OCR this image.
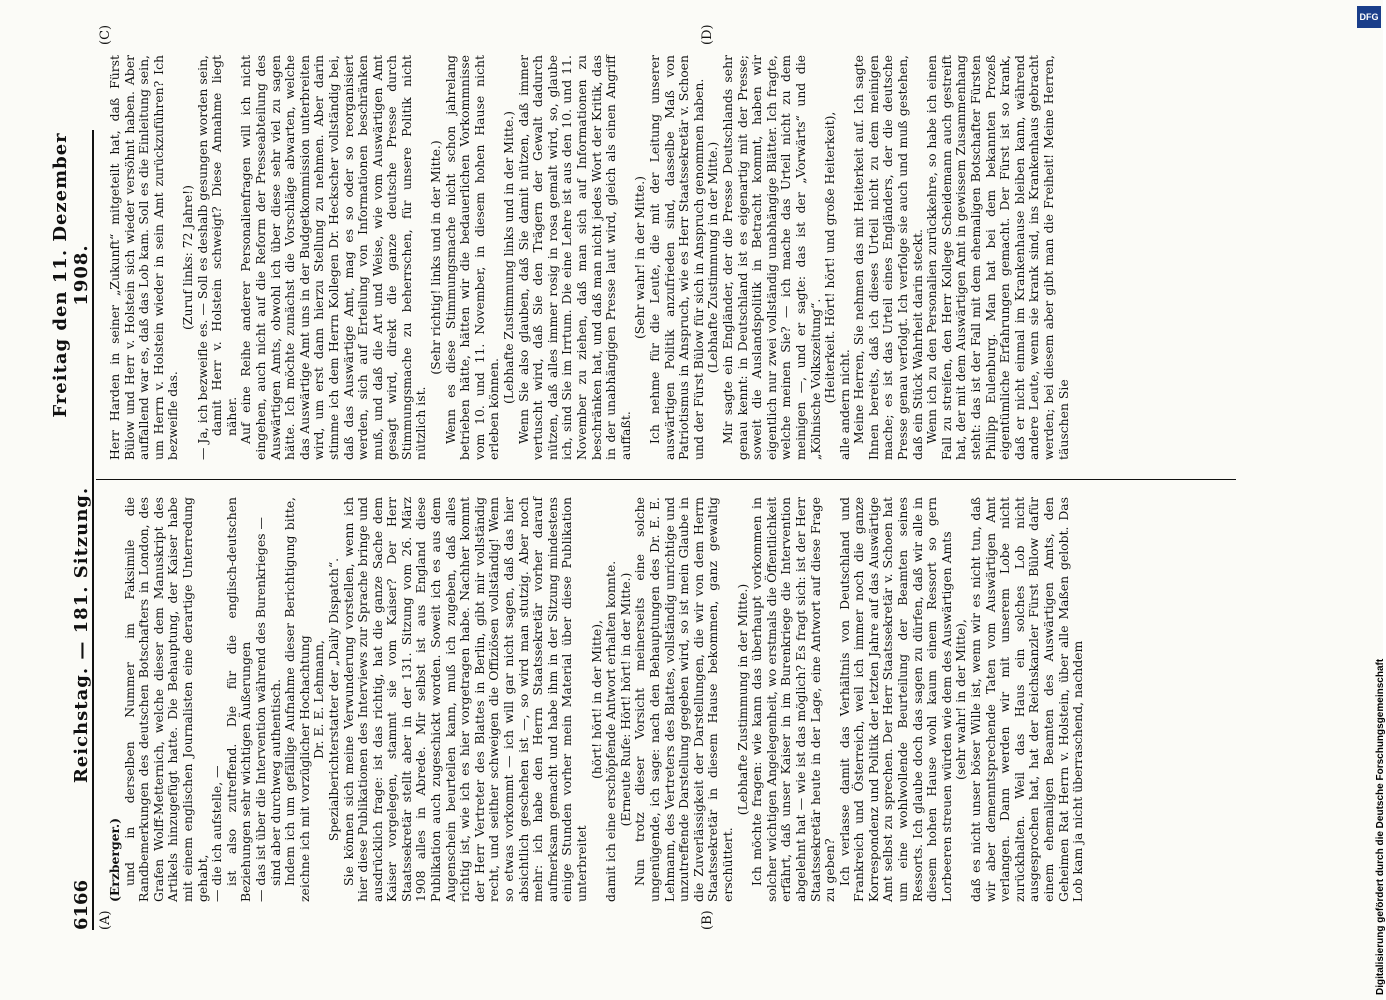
6166
Reichstag. — 181. Sitzung.
Freitag den 11. Dezember 1908.
(A)	(B)
(C)	(D)

(Erzberger.) und in derselben Nummer im Faksimile die Randbemerkungen des deutschen Botschafters in London, des Grafen Wolff-Metternich, welche dieser dem Manuskript des Artikels hinzugefügt hatte. Die Behauptung, der Kaiser habe mit einem englischen Journalisten eine derartige Unterredung gehabt, — die ich aufstelle, — ist also zutreffend. Die für die englisch-deutschen Beziehungen sehr wichtigen Äußerungen — das ist über die Intervention während des Burenkrieges — sind aber durchweg authentisch. Indem ich um gefällige Aufnahme dieser Berichtigung bitte, zeichne ich mit vorzüglicher Hochachtung Dr. E. E. Lehmann, Spezialberichterstatter der „Daily Dispatch“. Sie können sich meine Verwunderung vorstellen, wenn ich hier diese Publikationen des Interviews zur Sprache bringe und ausdrücklich frage: ist das richtig, hat die ganze Sache dem Kaiser vorgelegen, stammt sie vom Kaiser? Der Herr Staatssekretär stellt aber in der 131. Sitzung vom 26. März 1908 alles in Abrede. Mir selbst ist aus England diese Publikation auch zugeschickt worden. Soweit ich es aus dem Augenschein beurteilen kann, muß ich zugeben, daß alles richtig ist, wie ich es hier vorgetragen habe. Nachher kommt der Herr Vertreter des Blattes in Berlin, gibt mir vollständig recht, und seither schweigen die Offiziösen vollständig! Wenn so etwas vorkommt — ich will gar nicht sagen, daß das hier absichtlich geschehen ist —, so wird man stutzig. Aber noch mehr: ich habe den Herrn Staatssekretär vorher darauf aufmerksam gemacht und habe ihm in der Sitzung mindestens einige Stunden vorher mein Material über diese Publikation unterbreitet

(hört! hört! in der Mitte), damit ich eine erschöpfende Antwort erhalten konnte. (Erneute Rufe: Hört! hört! in der Mitte.) Nun trotz dieser Vorsicht meinerseits eine solche ungenügende, ich sage: nach den Behauptungen des Dr. E. E. Lehmann, des Vertreters des Blattes, vollständig unrichtige und unzutreffende Darstellung gegeben wird, so ist mein Glaube in die Zuverlässigkeit der Darstellungen, die wir von dem Herrn Staatssekretär in diesem Hause bekommen, ganz gewaltig erschüttert.

(Lebhafte Zustimmung in der Mitte.) Ich möchte fragen: wie kann das überhaupt vorkommen in solcher wichtigen Angelegenheit, wo erstmals die Öffentlichkeit erfährt, daß unser Kaiser in im Burenkriege die Intervention abgelehnt hat — wie ist das möglich? Es fragt sich: ist der Herr Staatssekretär heute in der Lage, eine Antwort auf diese Frage zu geben? Ich verlasse damit das Verhältnis von Deutschland und Frankreich und Österreich, weil ich immer noch die ganze Korrespondenz und Politik der letzten Jahre auf das Auswärtige Amt selbst zu sprechen. Der Herr Staatssekretär v. Schoen hat um eine wohlwollende Beurteilung der Beamten seines Ressorts. Ich glaube doch das sagen zu dürfen, daß wir alle in diesem hohen Hause wohl kaum einem Ressort so gern Lorbeeren streuen würden wie dem des Auswärtigen Amts (sehr wahr! in der Mitte), daß es nicht unser böser Wille ist, wenn wir es nicht tun, daß wir aber demenntsprechende Taten vom Auswärtigen Amt verlangen. Dann werden wir mit unserem Lobe nicht zurückhalten. Weil das Haus ein solches Lob nicht ausgesprochen hat, hat der Reichskanzler Fürst Bülow dafür einem ehemaligen Beamten des Auswärtigen Amts, den Geheimen Rat Herrn v. Holstein, über alle Maßen gelobt. Das Lob kam ja nicht überraschend, nachdem

Herr Harden in seiner „Zukunft“ mitgeteilt hat, daß Fürst Bülow und Herr v. Holstein sich wieder versöhnt haben. Aber auffallend war es, daß das Lob kam. Soll es die Einleitung sein, um Herrn v. Holstein wieder in sein Amt zurückzuführen? Ich bezweifle das.

(Zuruf links: 72 Jahre!) — Ja, ich bezweifle es. — Soll es deshalb gesungen worden sein, damit Herr v. Holstein schweigt? Diese Annahme liegt näher. Auf eine Reihe anderer Personalienfragen will ich nicht eingehen, auch nicht auf die Reform der Presseabteilung des Auswärtigen Amts, obwohl ich über diese sehr viel zu sagen hätte. Ich möchte zunächst die Vorschläge abwarten, welche das Auswärtige Amt uns in der Budgetkommission unterbreiten wird, um erst dann hierzu Stellung zu nehmen. Aber darin stimme ich dem Herrn Kollegen Dr. Heckscher vollständig bei, daß das Auswärtige Amt, mag es so oder so reorganisiert werden, sich auf Erteilung von Informationen beschränken muß, und daß die Art und Weise, wie vom Auswärtigen Amt gesagt wird, direkt die ganze deutsche Presse durch Stimmungsmache zu beherrschen, für unsere Politik nicht nützlich ist.

(Sehr richtig! links und in der Mitte.) Wenn es diese Stimmungsmache nicht schon jahrelang betrieben hätte, hätten wir die bedauerlichen Vorkommnisse vom 10. und 11. November, in diesem hohen Hause nicht erleben können.

(Lebhafte Zustimmung links und in der Mitte.) Wenn Sie also glauben, daß Sie damit nützen, daß immer vertuscht wird, daß Sie den Trägern der Gewalt dadurch nützen, daß alles immer rosig in rosa gemalt wird, so, glaube ich, sind Sie im Irrtum. Die eine Lehre ist aus den 10. und 11. November zu ziehen, daß man sich auf Informationen zu beschränken hat, und daß man nicht jedes Wort der Kritik, das in der unabhängigen Presse laut wird, gleich als einen Angriff auffaßt.

(Sehr wahr! in der Mitte.) Ich nehme für die Leute, die mit der Leitung unserer auswärtigen Politik anzufrieden sind, dasselbe Maß von Patriotismus in Anspruch, wie es Herr Staatssekretär v. Schoen und der Fürst Bülow für sich in Anspruch genommen haben. (Lebhafte Zustimmung in der Mitte.) Mir sagte ein Engländer, der die Presse Deutschlands sehr genau kennt: in Deutschland ist es eigenartig mit der Presse; soweit die Auslandspolitik in Betracht kommt, haben wir eigentlich nur zwei vollständig unabhängige Blätter. Ich fragte, welche meinen Sie? — ich mache das Urteil nicht zu dem meinigen —, und er sagte: das ist der „Vorwärts“ und die „Kölnische Volkszeitung“. (Heiterkeit. Hört! hört! und große Heiterkeit),

alle andern nicht. Meine Herren, Sie nehmen das mit Heiterkeit auf. Ich sagte Ihnen bereits, daß ich dieses Urteil nicht zu dem meinigen mache; es ist das Urteil eines Engländers, der die deutsche Presse genau verfolgt. Ich verfolge sie auch und muß gestehen, daß ein Stück Wahrheit darin steckt. Wenn ich zu den Personalien zurückkehre, so habe ich einen Fall zu streifen, den Herr Kollege Scheidemann auch gestreift hat, der mit dem Auswärtigen Amt in gewissem Zusammenhang steht: das ist der Fall mit dem ehemaligen Botschafter Fürsten Philipp Eulenburg. Man hat bei dem bekannten Prozeß eigentümliche Erfahrungen gemacht. Der Fürst ist so krank, daß er nicht einmal im Krankenhause bleiben kann, während andere Leute, wenn sie krank sind, ins Krankenhaus gebracht werden; bei diesem aber gibt man die Freiheit! Meine Herren, täuschen Sie

DFG
Digitalisierung gefördert durch die Deutsche Forschungsgemeinschaft
